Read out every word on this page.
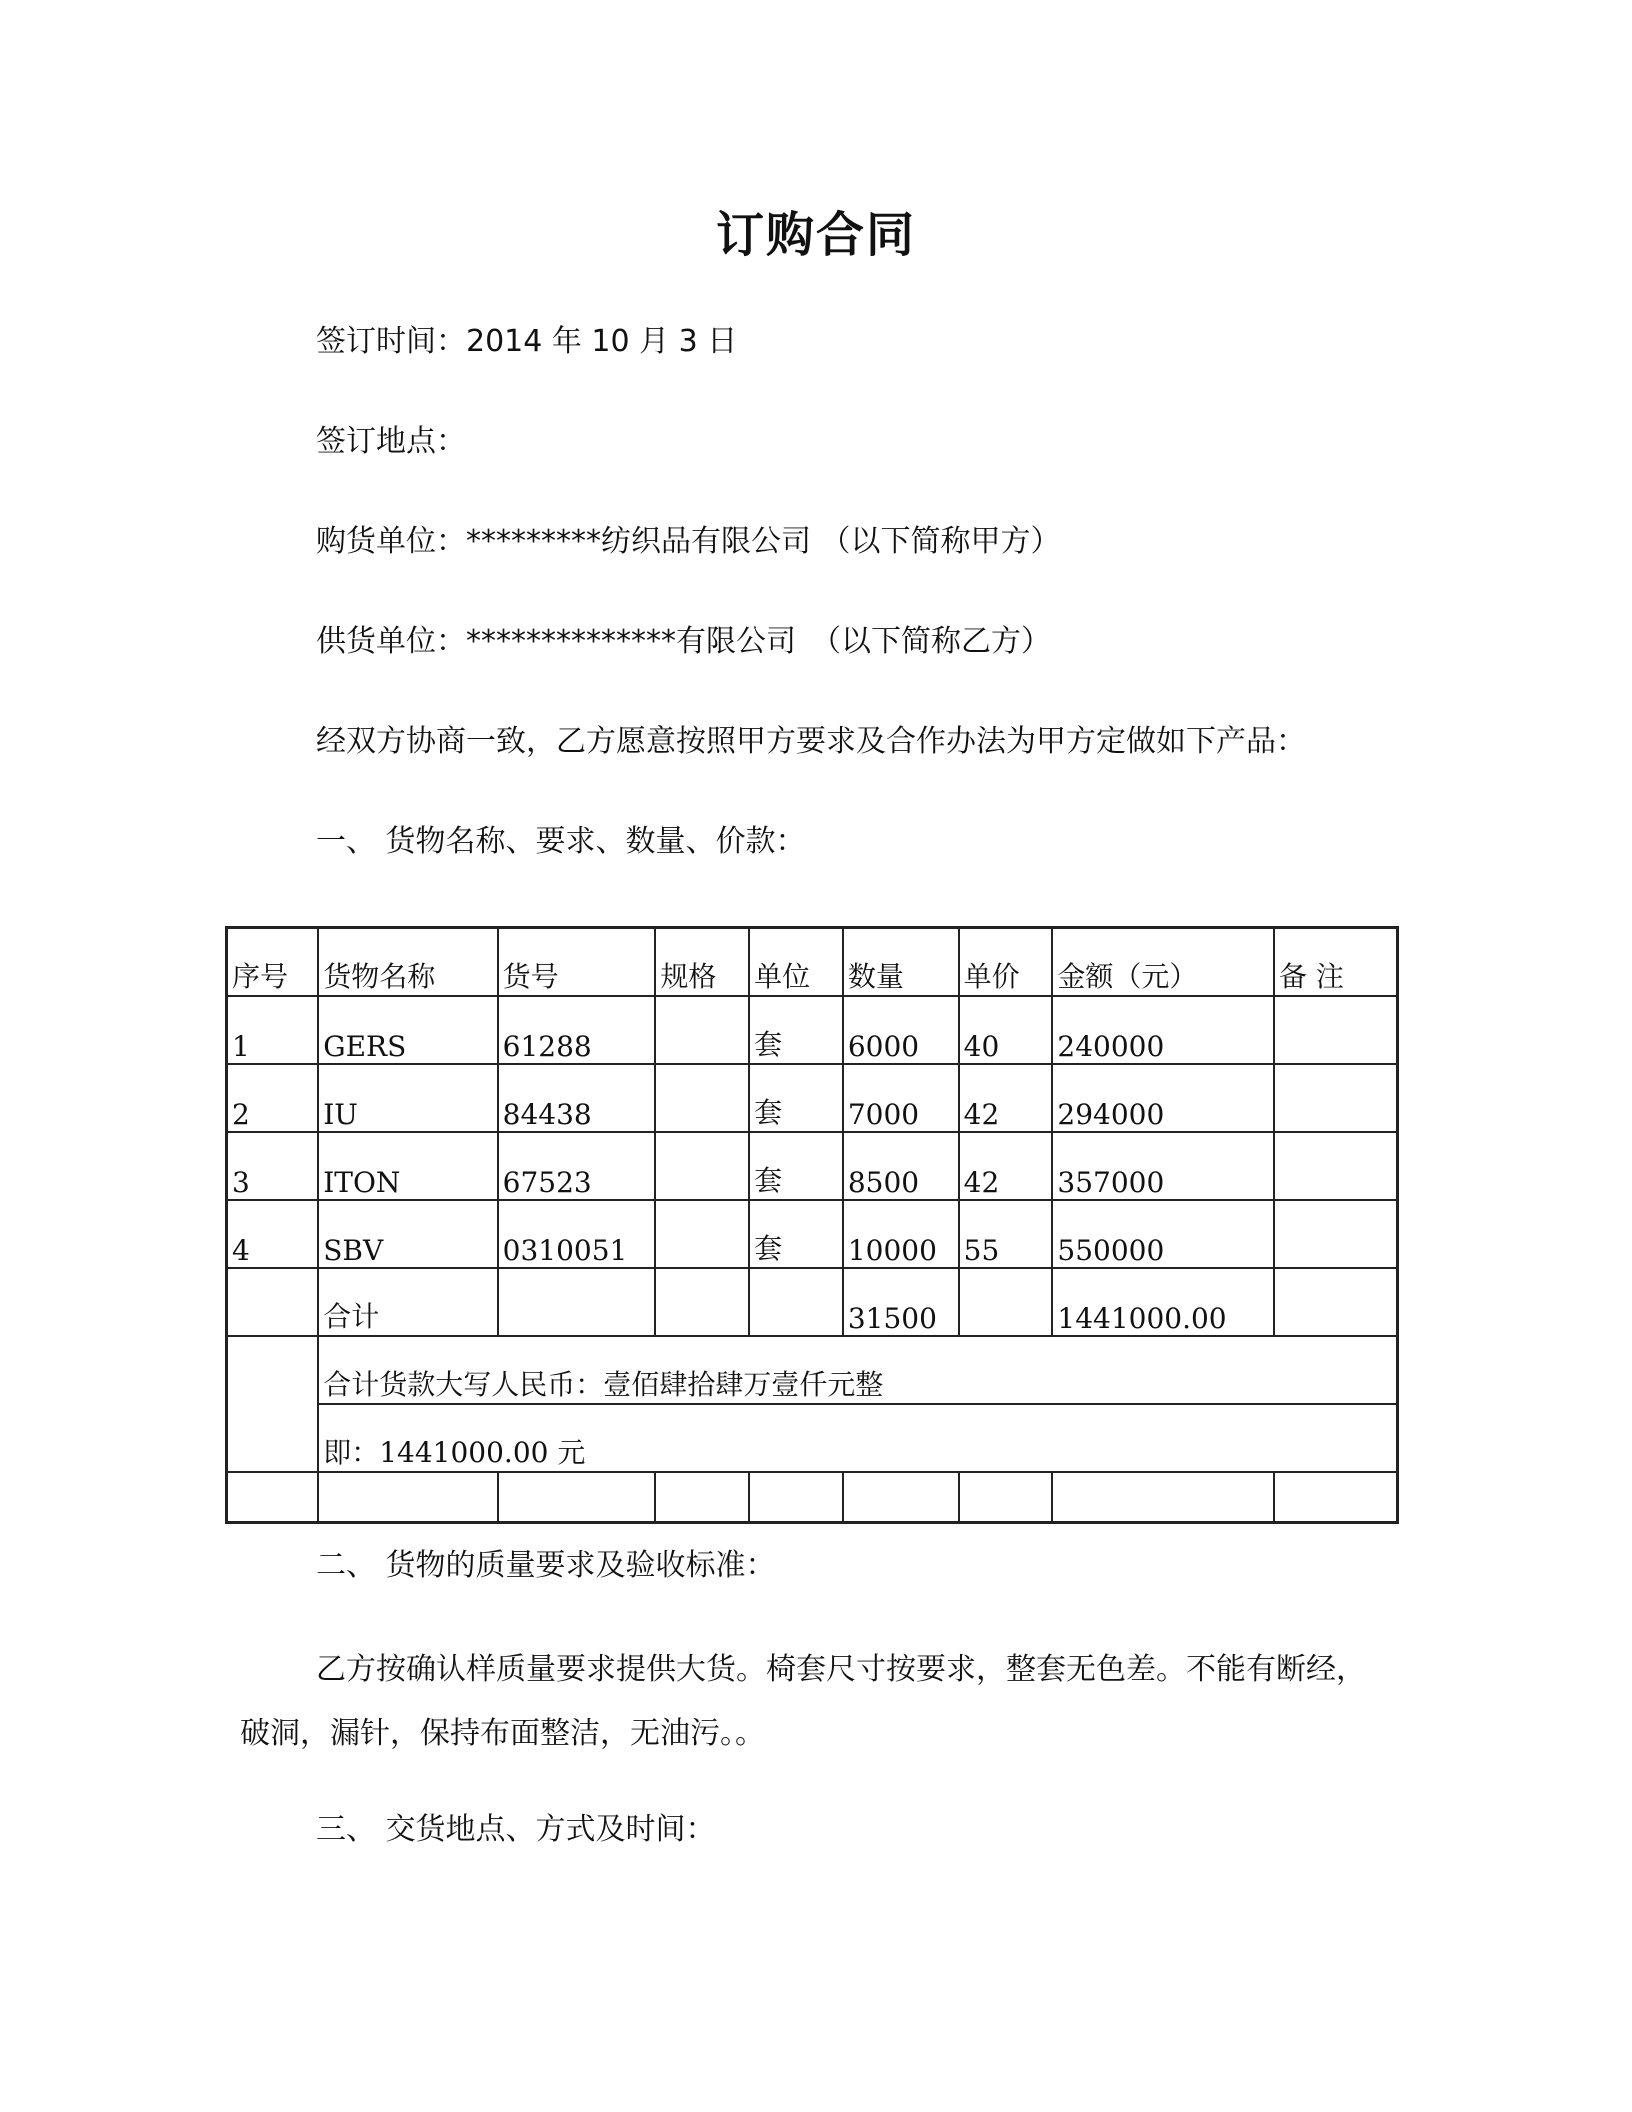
订购合同
签订时间：2014 年 10 月 3 日
签订地点：
购货单位：*********纺织品有限公司 （以下简称甲方）
供货单位：**************有限公司　（以下简称乙方）
经双方协商一致，乙方愿意按照甲方要求及合作办法为甲方定做如下产品：
一、 货物名称、要求、数量、价款：
序号	货物名称	货号	规格	单位	数量	单价	金额（元）	备 注
1	GERS	61288		套	6000	40	240000	
2	IU	84438		套	7000	42	294000	
3	ITON	67523		套	8500	42	357000	
4	SBV	0310051		套	10000	55	550000	
	合计				31500		1441000.00	
	合计货款大写人民币：壹佰肆拾肆万壹仟元整							
	即：1441000.00 元							

二、 货物的质量要求及验收标准：
乙方按确认样质量要求提供大货。椅套尺寸按要求，整套无色差。不能有断经，破洞，漏针，保持布面整洁，无油污。。
三、 交货地点、方式及时间：
